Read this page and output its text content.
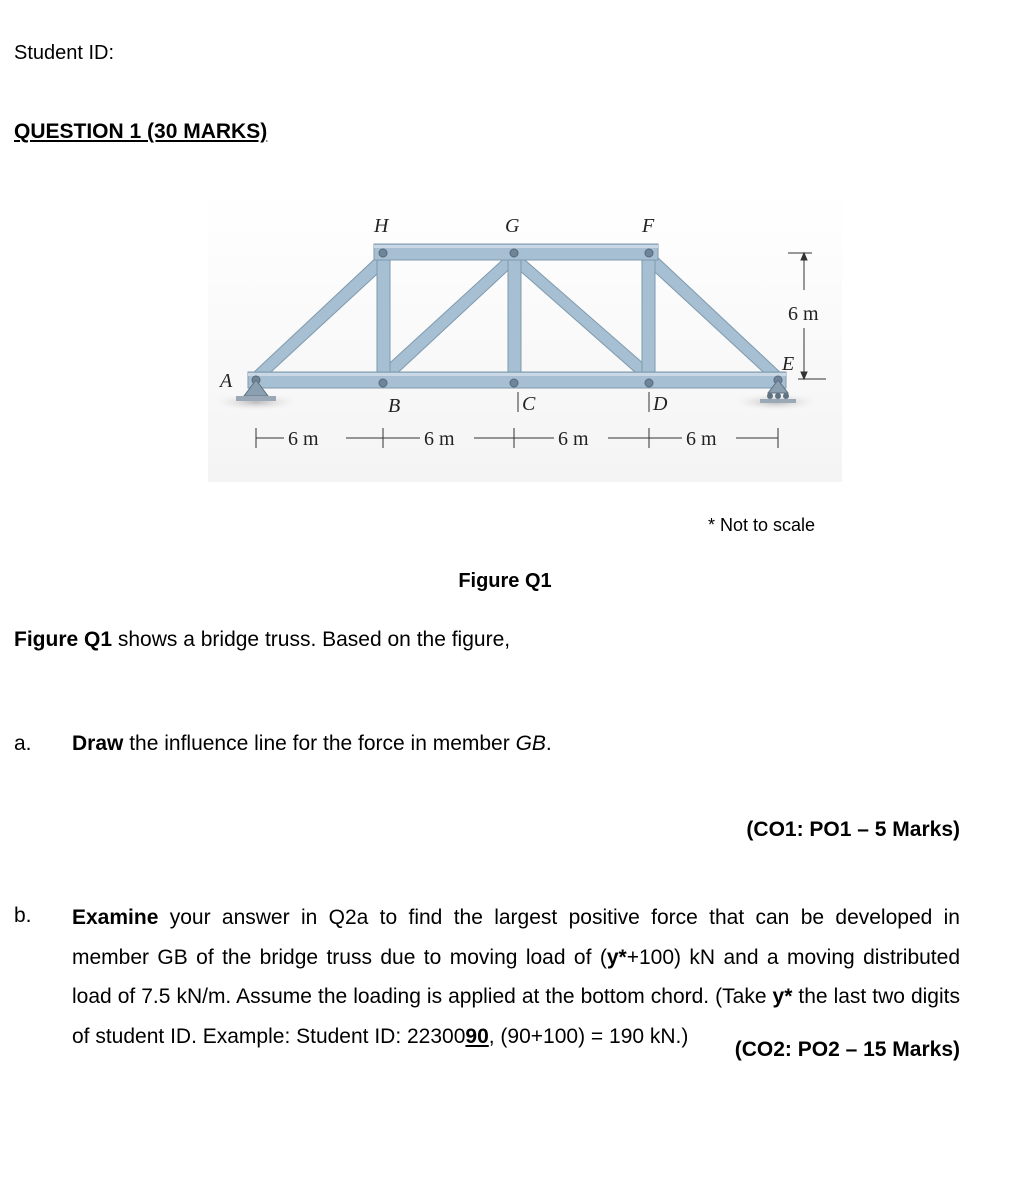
Student ID:
QUESTION 1 (30 MARKS)
H	G	F
A
B	C	D
E
6 m
6 m	6 m	6 m	6 m
* Not to scale
Figure Q1
Figure Q1 shows a bridge truss. Based on the figure,
a. Draw the influence line for the force in member GB.
(CO1: PO1 – 5 Marks)
b. Examine your answer in Q2a to find the largest positive force that can be developed in member GB of the bridge truss due to moving load of (y*+100) kN and a moving distributed load of 7.5 kN/m. Assume the loading is applied at the bottom chord. (Take y* the last two digits of student ID. Example: Student ID: 2230090, (90+100) = 190 kN.)
(CO2: PO2 – 15 Marks)
